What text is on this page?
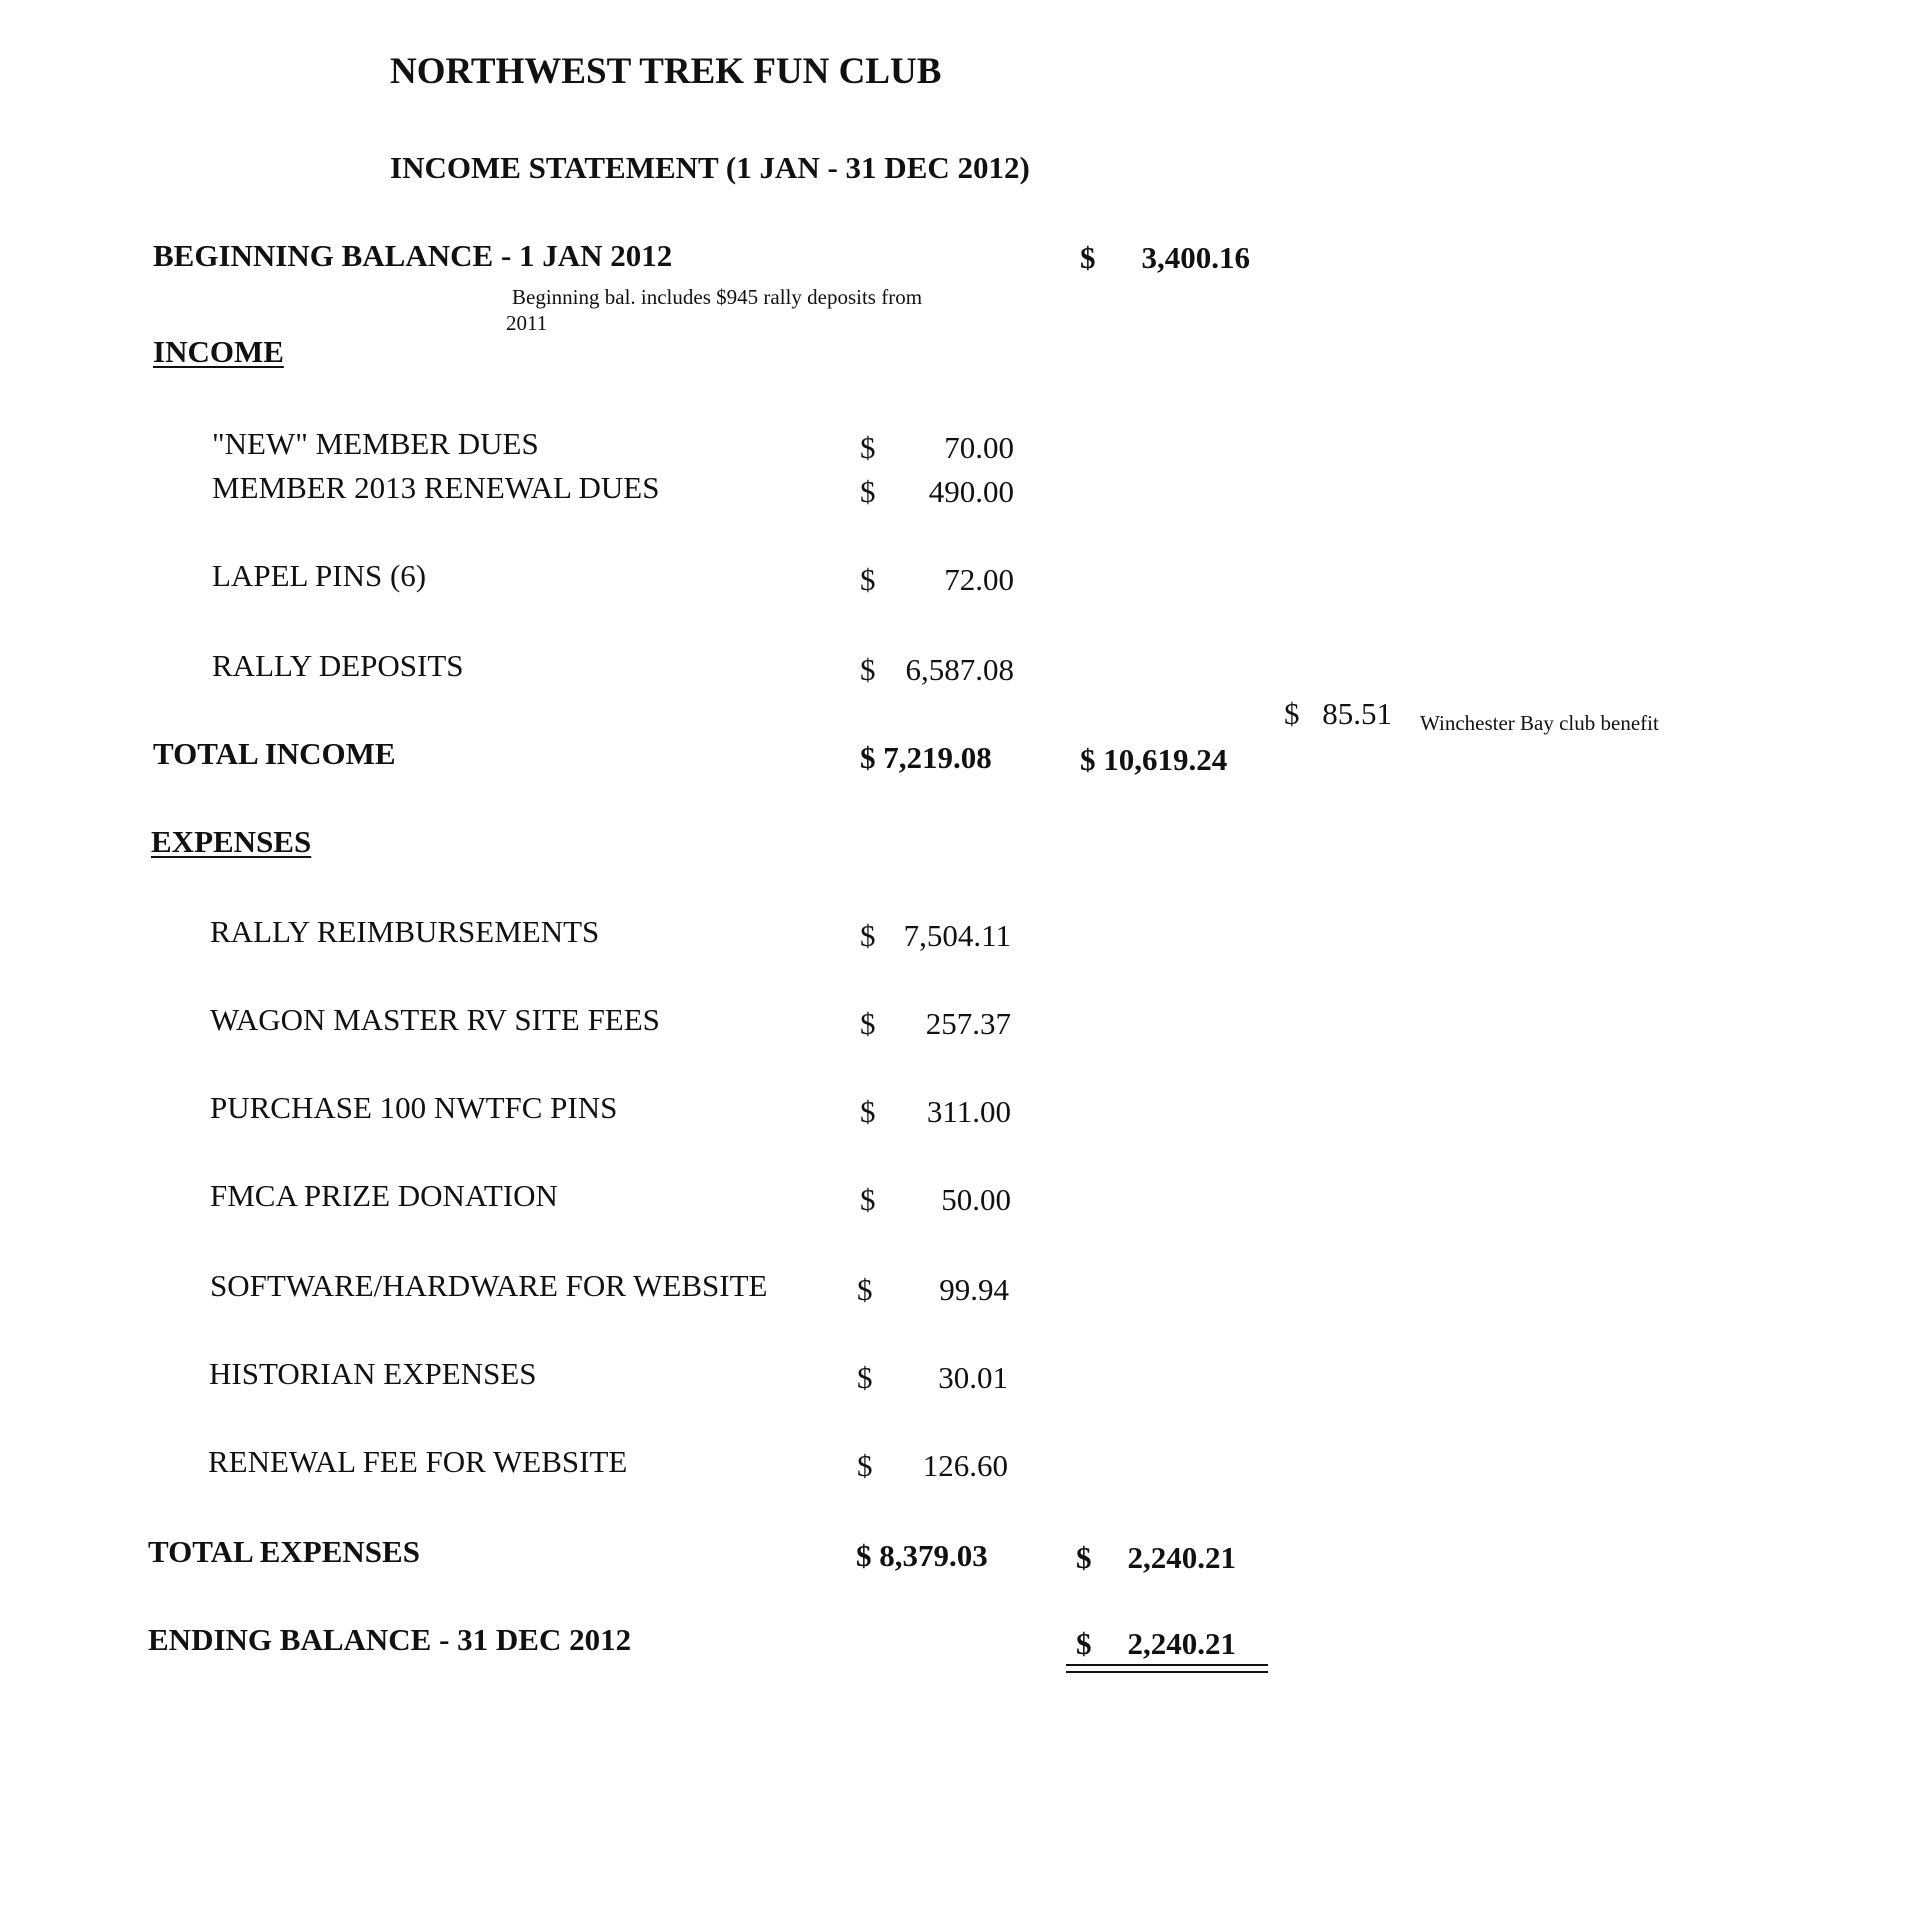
NORTHWEST TREK FUN CLUB
INCOME STATEMENT (1 JAN - 31 DEC 2012)
BEGINNING BALANCE - 1 JAN 2012	$ 3,400.16
Beginning bal. includes $945 rally deposits from
2011
INCOME
"NEW" MEMBER DUES	$ 70.00
MEMBER 2013 RENEWAL DUES	$ 490.00
LAPEL PINS (6)	$ 72.00
RALLY DEPOSITS	$ 6,587.08
$ 85.51 Winchester Bay club benefit
TOTAL INCOME	$ 7,219.08	$ 10,619.24
EXPENSES
RALLY REIMBURSEMENTS	$ 7,504.11
WAGON MASTER RV SITE FEES	$ 257.37
PURCHASE 100 NWTFC PINS	$ 311.00
FMCA PRIZE DONATION	$ 50.00
SOFTWARE/HARDWARE FOR WEBSITE	$ 99.94
HISTORIAN EXPENSES	$ 30.01
RENEWAL FEE FOR WEBSITE	$ 126.60
TOTAL EXPENSES	$ 8,379.03	$ 2,240.21
ENDING BALANCE - 31 DEC 2012	$ 2,240.21
